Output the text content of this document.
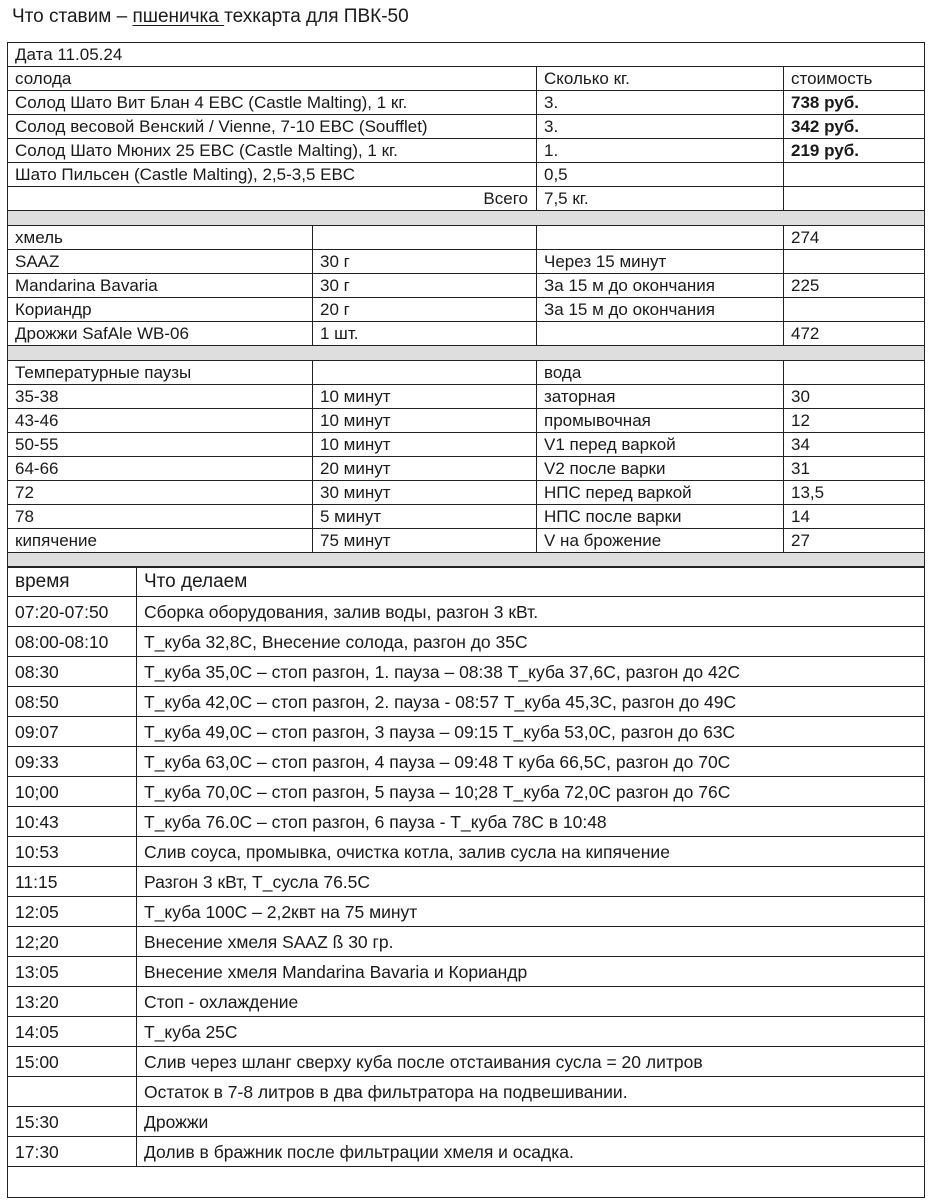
Что ставим – пшеничка техкарта для ПВК-50
Дата 11.05.24			
солода		Сколько кг.	стоимость
Солод Шато Вит Блан 4 EBC (Castle Malting), 1 кг.		3.	738 руб.
Солод весовой Венский / Vienne, 7-10 EBC (Soufflet)		3.	342 руб.
Солод Шато Мюних 25 EBC (Castle Malting), 1 кг.		1.	219 руб.
Шато Пильсен (Castle Malting), 2,5-3,5 EBC		0,5	
Всего		7,5 кг.	

хмель			274
SAAZ	30 г	Через 15 минут	
Mandarina Bavaria	30 г	За 15 м до окончания	225
Кориандр	20 г	За 15 м до окончания	
Дрожжи SafAle WB-06	1 шт.		472

Температурные паузы		вода	
35-38	10 минут	заторная	30
43-46	10 минут	промывочная	12
50-55	10 минут	V1 перед варкой	34
64-66	20 минут	V2 после варки	31
72	30 минут	НПС перед варкой	13,5
78	5 минут	НПС после варки	14
кипячение	75 минут	V на брожение	27

время	Что делаем
07:20-07:50	Сборка оборудования, залив воды, разгон 3 кВт.
08:00-08:10	Т_куба 32,8С, Внесение солода, разгон до 35С
08:30	Т_куба 35,0С – стоп разгон, 1. пауза – 08:38 Т_куба 37,6С, разгон до 42С
08:50	Т_куба 42,0С – стоп разгон, 2. пауза - 08:57 Т_куба 45,3С, разгон до 49С
09:07	Т_куба 49,0С – стоп разгон, 3 пауза – 09:15 Т_куба 53,0С, разгон до 63С
09:33	Т_куба 63,0С – стоп разгон, 4 пауза – 09:48 Т куба 66,5С, разгон до 70С
10;00	Т_куба 70,0С – стоп разгон, 5 пауза – 10;28 Т_куба 72,0С разгон до 76С
10:43	Т_куба 76.0С – стоп разгон, 6 пауза - Т_куба 78С в 10:48
10:53	Слив соуса, промывка, очистка котла, залив сусла на кипячение
11:15	Разгон 3 кВт, Т_сусла 76.5С
12:05	Т_куба 100С – 2,2квт на 75 минут
12;20	Внесение хмеля SAAZ ß 30 гр.
13:05	Внесение хмеля Mandarina Bavaria и Кориандр
13:20	Стоп - охлаждение
14:05	Т_куба 25С
15:00	Слив через шланг сверху куба после отстаивания сусла = 20 литров
	Остаток в 7-8 литров в два фильтратора на подвешивании.
15:30	Дрожжи
17:30	Долив в бражник после фильтрации хмеля и осадка.
